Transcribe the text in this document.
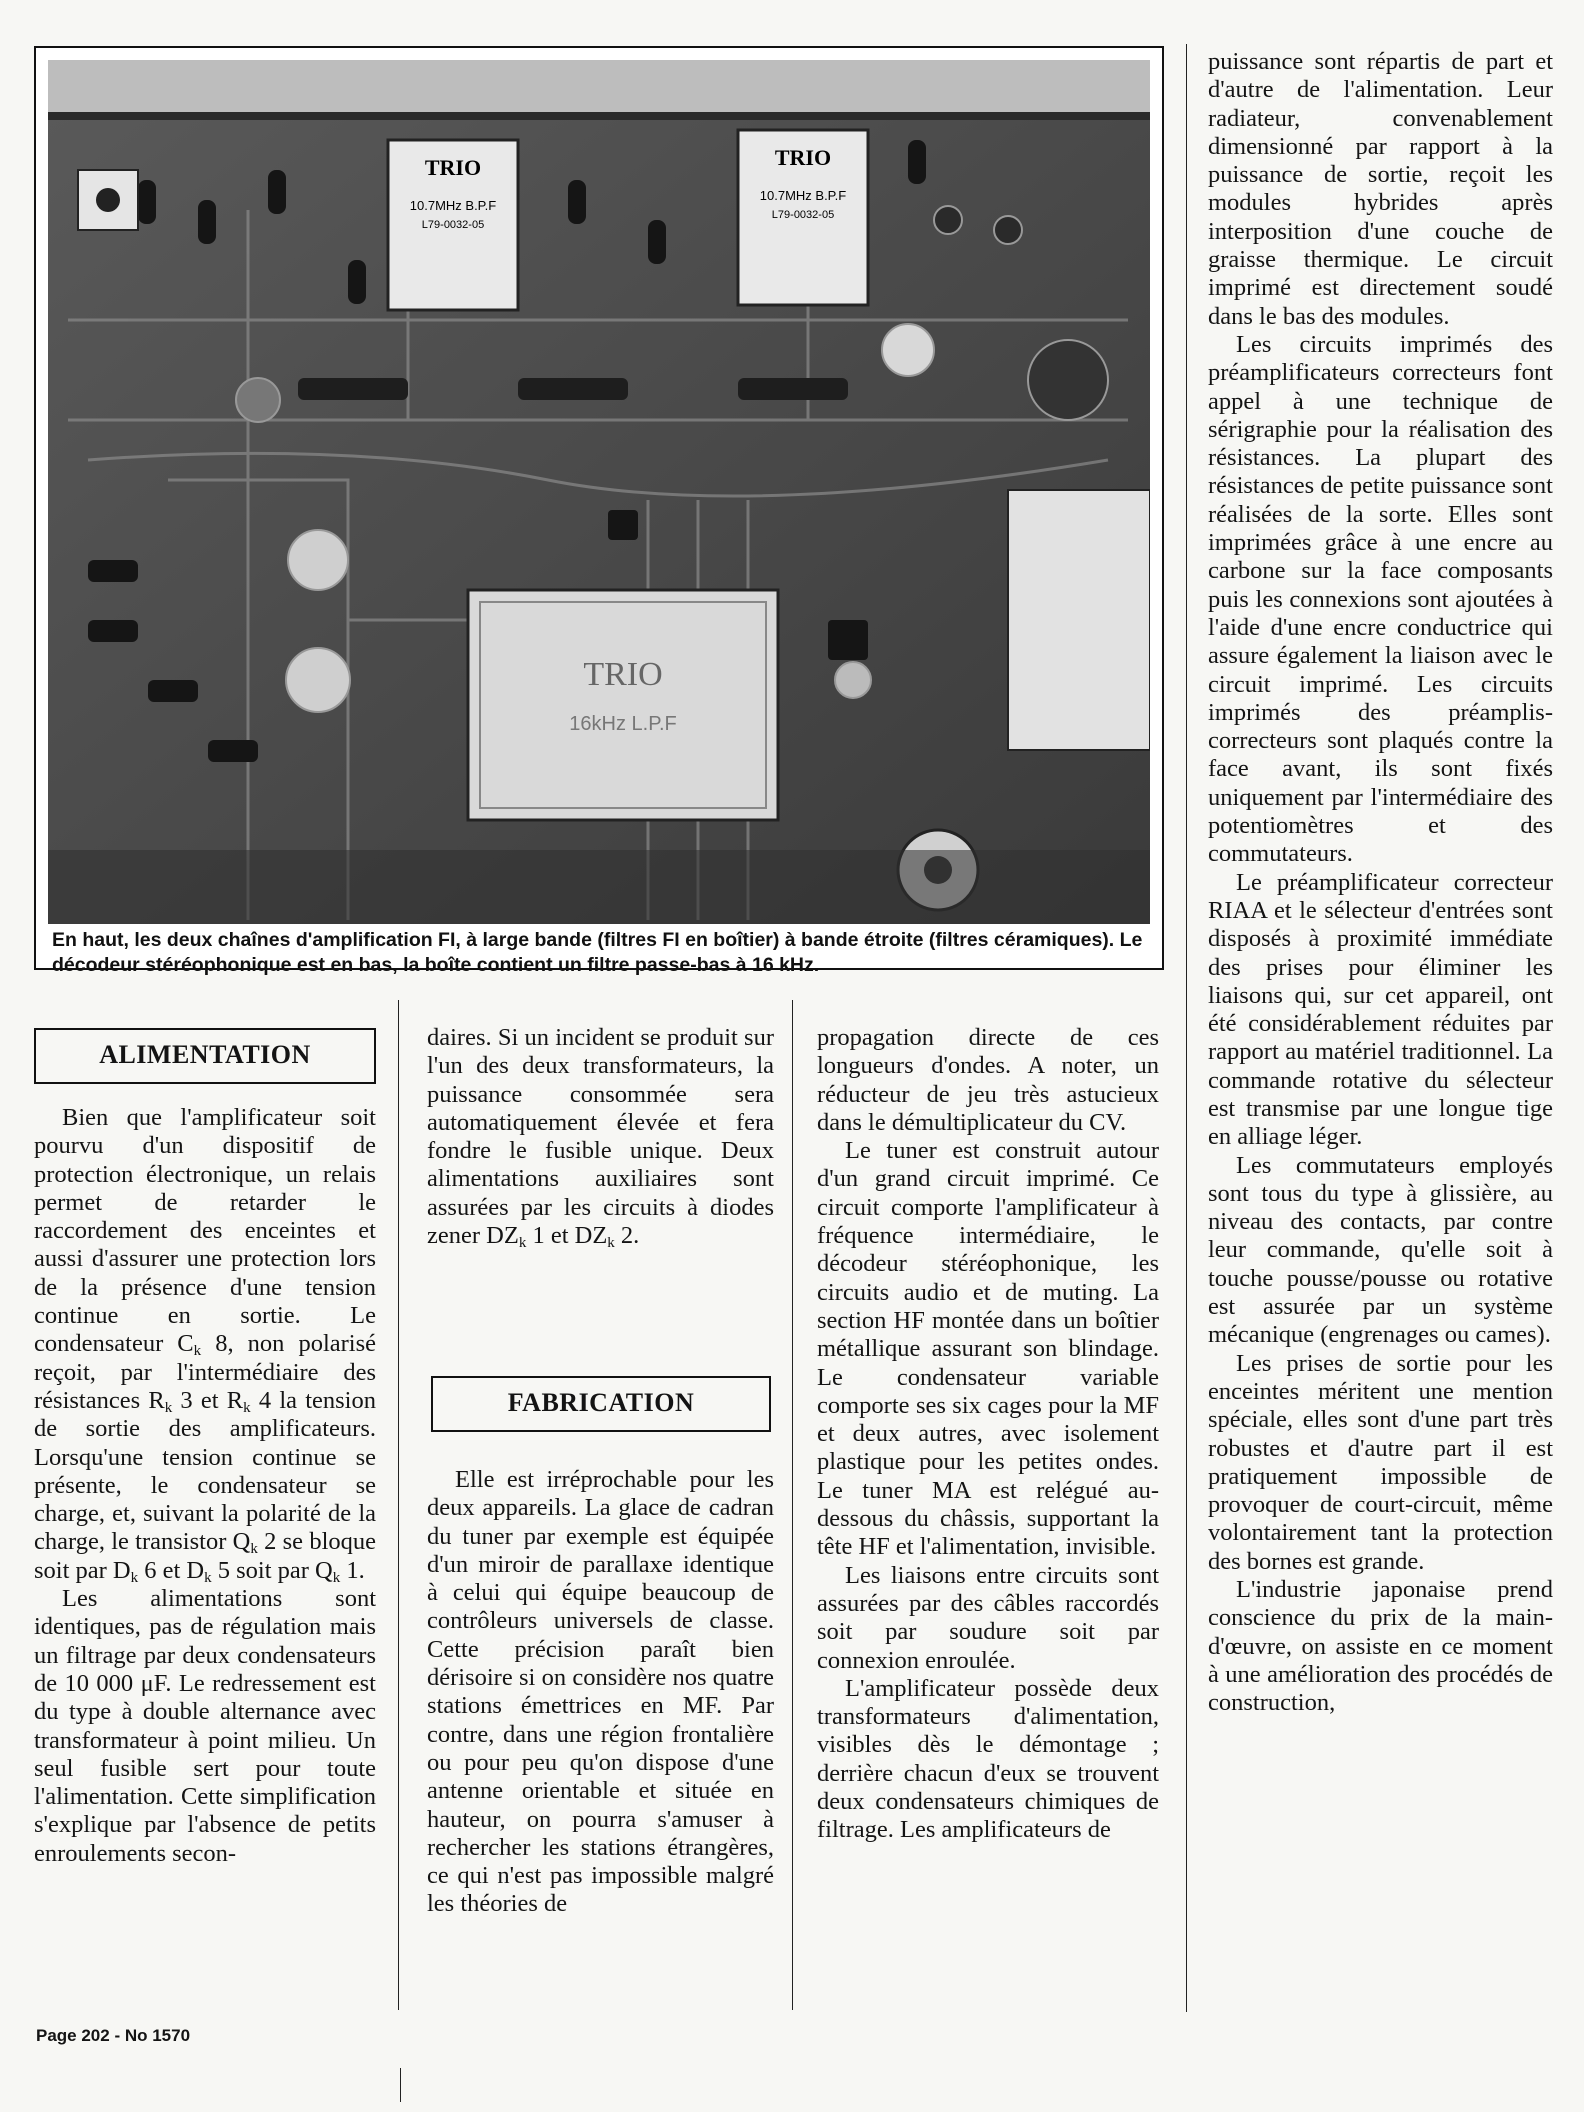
TRIO
10.7MHz B.P.F
L79-0032-05
TRIO
10.7MHz B.P.F
L79-0032-05
TRIO
16kHz L.P.F
En haut, les deux chaînes d'amplification FI, à large bande (filtres FI en boîtier) à bande étroite (filtres céramiques). Le décodeur stéréophonique est en bas, la boîte contient un filtre passe-bas à 16 kHz.
ALIMENTATION

Bien que l'amplificateur soit pourvu d'un dispositif de protection électronique, un relais permet de retarder le raccordement des enceintes et aussi d'assurer une protection lors de la présence d'une tension continue en sortie. Le condensateur $C_k$ 8, non polarisé reçoit, par l'intermédiaire des résistances $R_k$ 3 et $R_k$ 4 la tension de sortie des amplificateurs. Lorsqu'une tension continue se présente, le condensateur se charge, et, suivant la polarité de la charge, le transistor $Q_k$ 2 se bloque soit par $D_k$ 6 et $D_k$ 5 soit par $Q_k$ 1.

Les alimentations sont identiques, pas de régulation mais un filtrage par deux condensateurs de 10 000 μF. Le redressement est du type à double alternance avec transformateur à point milieu. Un seul fusible sert pour toute l'alimentation. Cette simplification s'explique par l'absence de petits enroulements secon-

daires. Si un incident se produit sur l'un des deux transformateurs, la puissance consommée sera automatiquement élevée et fera fondre le fusible unique. Deux alimentations auxiliaires sont assurées par les circuits à diodes zener $DZ_k$ 1 et $DZ_k$ 2.

FABRICATION

Elle est irréprochable pour les deux appareils. La glace de cadran du tuner par exemple est équipée d'un miroir de parallaxe identique à celui qui équipe beaucoup de contrôleurs universels de classe. Cette précision paraît bien dérisoire si on considère nos quatre stations émettrices en MF. Par contre, dans une région frontalière ou pour peu qu'on dispose d'une antenne orientable et située en hauteur, on pourra s'amuser à rechercher les stations étrangères, ce qui n'est pas impossible malgré les théories de

propagation directe de ces longueurs d'ondes. A noter, un réducteur de jeu très astucieux dans le démultiplicateur du CV.

Le tuner est construit autour d'un grand circuit imprimé. Ce circuit comporte l'amplificateur à fréquence intermédiaire, le décodeur stéréophonique, les circuits audio et de muting. La section HF montée dans un boîtier métallique assurant son blindage. Le condensateur variable comporte ses six cages pour la MF et deux autres, avec isolement plastique pour les petites ondes. Le tuner MA est relégué au-dessous du châssis, supportant la tête HF et l'alimentation, invisible.

Les liaisons entre circuits sont assurées par des câbles raccordés soit par soudure soit par connexion enroulée.

L'amplificateur possède deux transformateurs d'alimentation, visibles dès le démontage ; derrière chacun d'eux se trouvent deux condensateurs chimiques de filtrage. Les amplificateurs de

puissance sont répartis de part et d'autre de l'alimentation. Leur radiateur, convenablement dimensionné par rapport à la puissance de sortie, reçoit les modules hybrides après interposition d'une couche de graisse thermique. Le circuit imprimé est directement soudé dans le bas des modules.

Les circuits imprimés des préamplificateurs correcteurs font appel à une technique de sérigraphie pour la réalisation des résistances. La plupart des résistances de petite puissance sont réalisées de la sorte. Elles sont imprimées grâce à une encre au carbone sur la face composants puis les connexions sont ajoutées à l'aide d'une encre conductrice qui assure également la liaison avec le circuit imprimé. Les circuits imprimés des préamplis-correcteurs sont plaqués contre la face avant, ils sont fixés uniquement par l'intermédiaire des potentiomètres et des commutateurs.

Le préamplificateur correcteur RIAA et le sélecteur d'entrées sont disposés à proximité immédiate des prises pour éliminer les liaisons qui, sur cet appareil, ont été considérablement réduites par rapport au matériel traditionnel. La commande rotative du sélecteur est transmise par une longue tige en alliage léger.

Les commutateurs employés sont tous du type à glissière, au niveau des contacts, par contre leur commande, qu'elle soit à touche pousse/pousse ou rotative est assurée par un système mécanique (engrenages ou cames).

Les prises de sortie pour les enceintes méritent une mention spéciale, elles sont d'une part très robustes et d'autre part il est pratiquement impossible de provoquer de court-circuit, même volontairement tant la protection des bornes est grande.

L'industrie japonaise prend conscience du prix de la main-d'œuvre, on assiste en ce moment à une amélioration des procédés de construction,

Page 202 - No 1570
